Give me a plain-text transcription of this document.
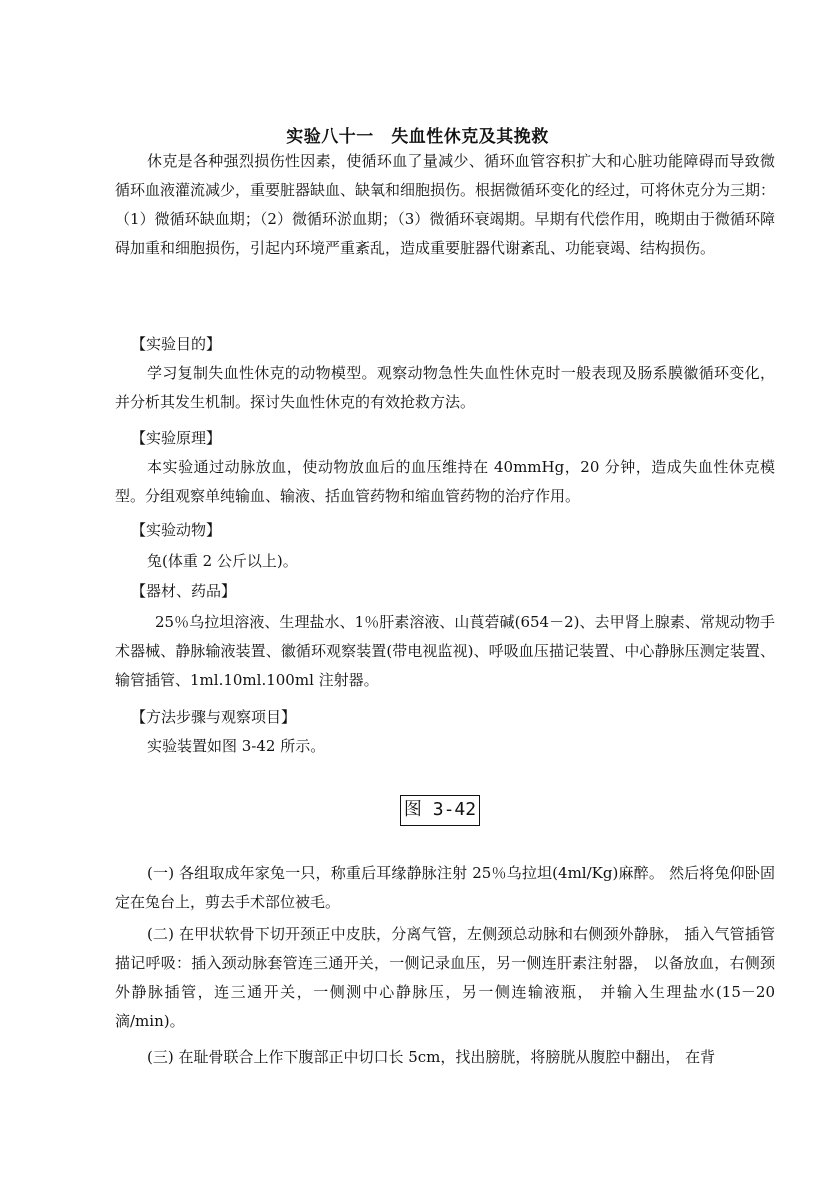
实验八十一　失血性休克及其挽救
休克是各种强烈损伤性因素，使循环血了量减少、循环血管容积扩大和心脏功能障碍而导致微循环血液灌流减少，重要脏器缺血、缺氧和细胞损伤。根据微循环变化的经过，可将休克分为三期：（1）微循环缺血期；（2）微循环淤血期；（3）微循环衰竭期。早期有代偿作用，晚期由于微循环障碍加重和细胞损伤，引起内环境严重紊乱，造成重要脏器代谢紊乱、功能衰竭、结构损伤。
【实验目的】
学习复制失血性休克的动物模型。观察动物急性失血性休克时一般表现及肠系膜徽循环变化，并分析其发生机制。探讨失血性休克的有效抢救方法。
【实验原理】
本实验通过动脉放血，使动物放血后的血压维持在 40mmHg，20 分钟，造成失血性休克模型。分组观察单纯输血、输液、括血管药物和缩血管药物的治疗作用。
【实验动物】
兔(体重 2 公斤以上)。
【器材、药品】
25％乌拉坦溶液、生理盐水、1％肝素溶液、山莨菪碱(654－2)、去甲肾上腺素、常规动物手术器械、静脉输液装置、徽循环观察装置(带电视监视)、呼吸血压描记装置、中心静脉压测定装置、输管插管、1ml.10ml.100ml 注射器。
【方法步骤与观察项目】
实验装置如图 3-42 所示。
图 3-42
(一) 各组取成年家兔一只，称重后耳缘静脉注射 25％乌拉坦(4ml/Kg)麻醉。 然后将兔仰卧固定在兔台上，剪去手术部位被毛。
(二) 在甲状软骨下切开颈正中皮肤，分离气管，左侧颈总动脉和右侧颈外静脉， 插入气管插管描记呼吸：插入颈动脉套管连三通开关，一侧记录血压，另一侧连肝素注射器， 以备放血，右侧颈外静脉插管，连三通开关，一侧测中心静脉压，另一侧连输液瓶， 并输入生理盐水(15－20 滴/min)。
(三) 在耻骨联合上作下腹部正中切口长 5cm，找出膀胱，将膀胱从腹腔中翻出， 在背
